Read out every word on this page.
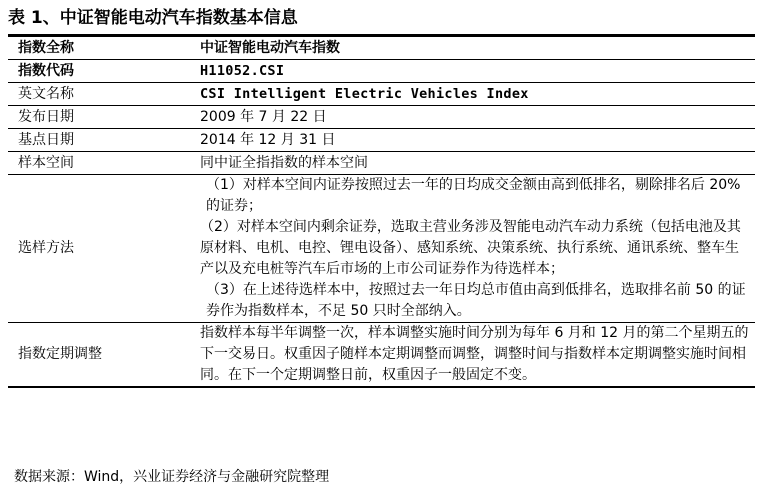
表 1、中证智能电动汽车指数基本信息
指数全称	中证智能电动汽车指数
指数代码	H11052.CSI
英文名称	CSI Intelligent Electric Vehicles Index
发布日期	2009 年 7 月 22 日
基点日期	2014 年 12 月 31 日
样本空间	同中证全指指数的样本空间
选样方法	（1）对样本空间内证券按照过去一年的日均成交金额由高到低排名，剔除排名后 20%的证券；
（2）对样本空间内剩余证券，选取主营业务涉及智能电动汽车动力系统（包括电池及其原材料、电机、电控、锂电设备）、感知系统、决策系统、执行系统、通讯系统、整车生产以及充电桩等汽车后市场的上市公司证券作为待选样本；
（3）在上述待选样本中，按照过去一年日均总市值由高到低排名，选取排名前 50 的证券作为指数样本，不足 50 只时全部纳入。

指数定期调整	指数样本每半年调整一次，样本调整实施时间分别为每年 6 月和 12 月的第二个星期五的下一交易日。权重因子随样本定期调整而调整，调整时间与指数样本定期调整实施时间相同。在下一个定期调整日前，权重因子一般固定不变。
数据来源：Wind，兴业证券经济与金融研究院整理
